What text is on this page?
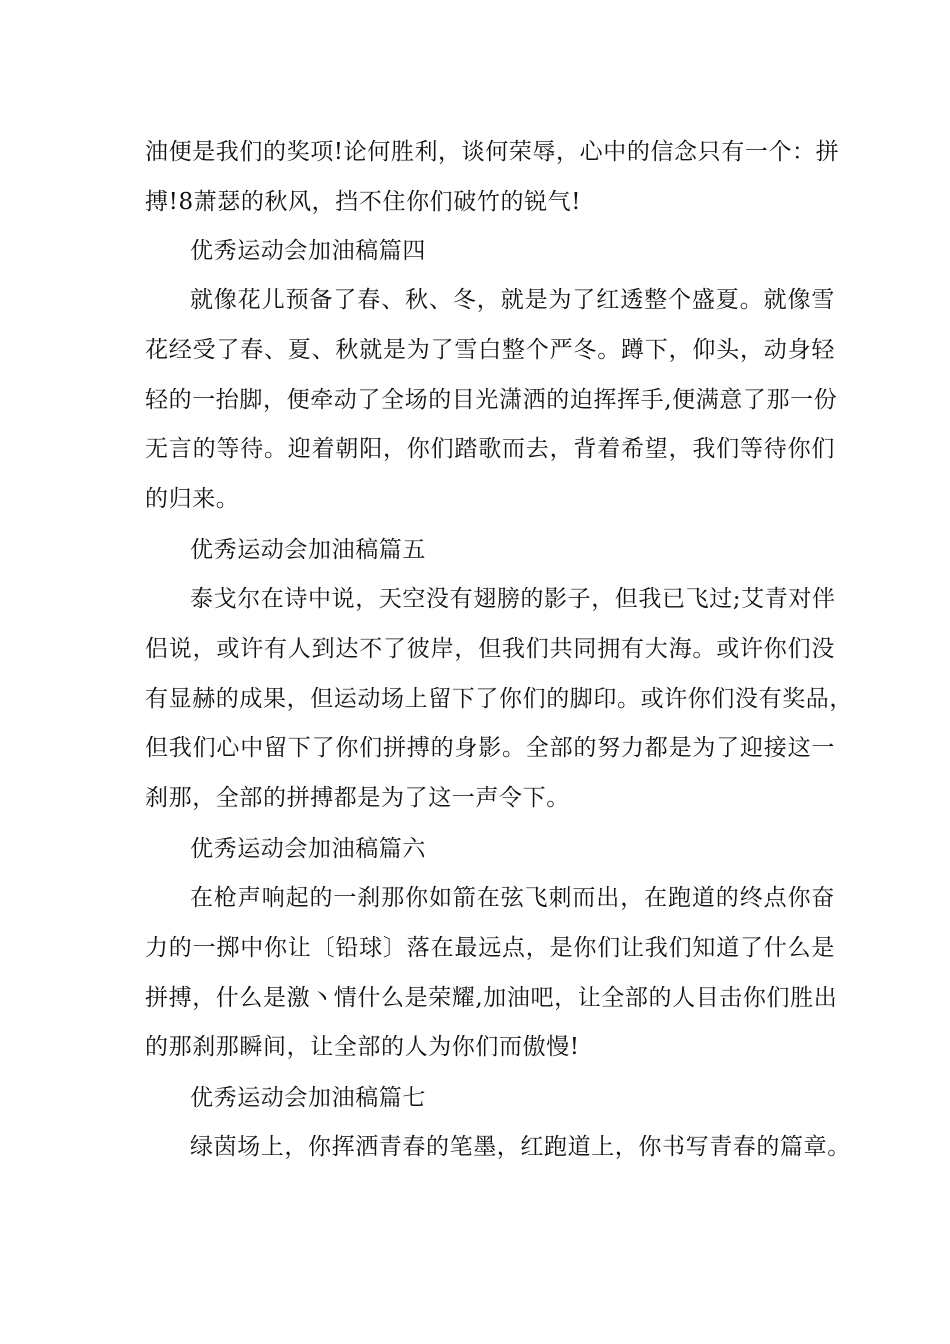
油便是我们的奖项!论何胜利，谈何荣辱，心中的信念只有一个：拼
搏!8萧瑟的秋风，挡不住你们破竹的锐气!
优秀运动会加油稿篇四
就像花儿预备了春、秋、冬，就是为了红透整个盛夏。就像雪
花经受了春、夏、秋就是为了雪白整个严冬。蹲下，仰头，动身轻
轻的一抬脚，便牵动了全场的目光潇洒的迫挥挥手,便满意了那一份
无言的等待。迎着朝阳，你们踏歌而去，背着希望，我们等待你们
的归来。
优秀运动会加油稿篇五
泰戈尔在诗中说，天空没有翅膀的影子，但我已飞过;艾青对伴
侣说，或许有人到达不了彼岸，但我们共同拥有大海。或许你们没
有显赫的成果，但运动场上留下了你们的脚印。或许你们没有奖品，
但我们心中留下了你们拼搏的身影。全部的努力都是为了迎接这一
刹那，全部的拼搏都是为了这一声令下。
优秀运动会加油稿篇六
在枪声响起的一刹那你如箭在弦飞刺而出，在跑道的终点你奋
力的一掷中你让〔铅球〕落在最远点，是你们让我们知道了什么是
拼搏，什么是激丶情什么是荣耀,加油吧，让全部的人目击你们胜出
的那刹那瞬间，让全部的人为你们而傲慢!
优秀运动会加油稿篇七
绿茵场上，你挥洒青春的笔墨，红跑道上，你书写青春的篇章。
